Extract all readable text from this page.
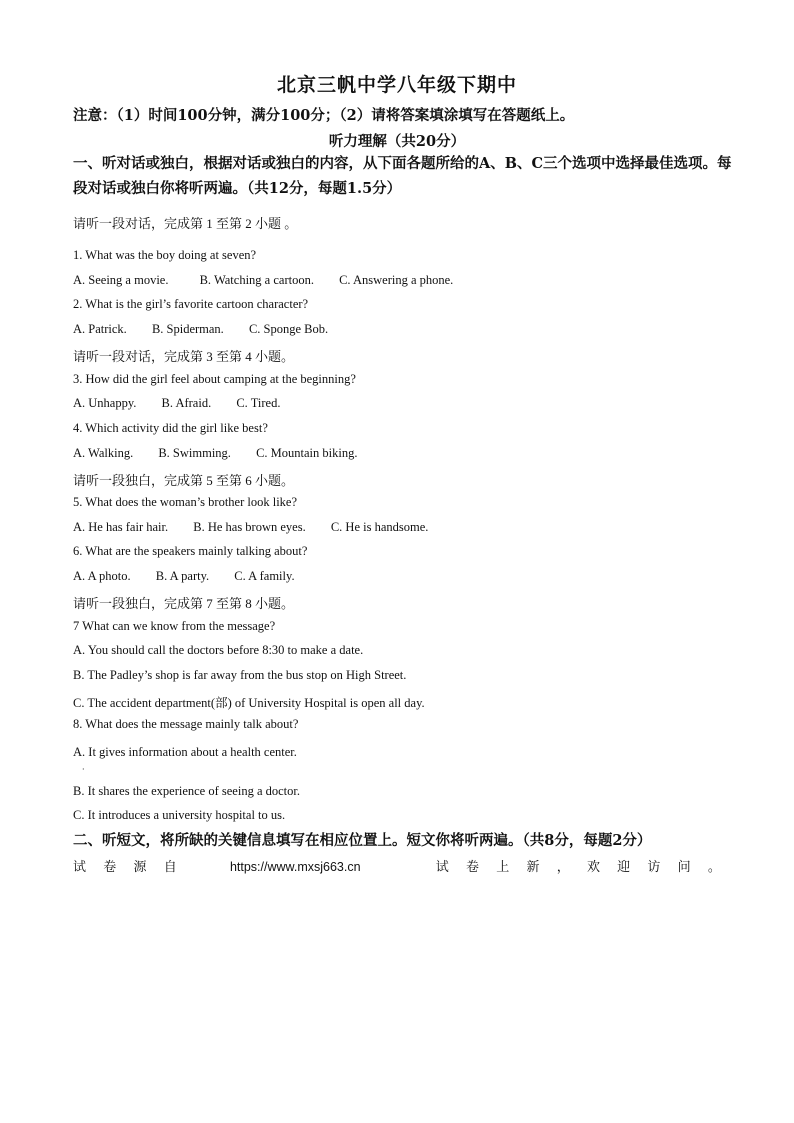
北京三帆中学八年级下期中
注意：（1）时间100分钟，满分100分；（2）请将答案填涂填写在答题纸上。
听力理解（共20分）
一、听对话或独白，根据对话或独白的内容，从下面各题所给的A、B、C三个选项中选择最佳选项。每段对话或独白你将听两遍。（共12分，每题1.5分）
请听一段对话，完成第 1 至第 2 小题 。
1. What was the boy doing at seven?
A. Seeing a movie. B. Watching a cartoon. C. Answering a phone.
2. What is the girl’s favorite cartoon character?
A. Patrick. B. Spiderman. C. Sponge Bob.
请听一段对话，完成第 3 至第 4 小题。
3. How did the girl feel about camping at the beginning?
A. Unhappy. B. Afraid. C. Tired.
4. Which activity did the girl like best?
A. Walking. B. Swimming. C. Mountain biking.
请听一段独白，完成第 5 至第 6 小题。
5. What does the woman’s brother look like?
A. He has fair hair. B. He has brown eyes. C. He is handsome.
6. What are the speakers mainly talking about?
A. A photo. B. A party. C. A family.
请听一段独白，完成第 7 至第 8 小题。
7 What can we know from the message?
A. You should call the doctors before 8:30 to make a date.
B. The Padley’s shop is far away from the bus stop on High Street.
C. The accident department(部) of University Hospital is open all day.
8. What does the message mainly talk about?
A. It gives information about a health center.
·
B. It shares the experience of seeing a doctor.
C. It introduces a university hospital to us.
二、听短文，将所缺的关键信息填写在相应位置上。短文你将听两遍。（共8分，每题2分）
试 卷 源 自	https://www.mxsj663.cn	试 卷 上 新 ， 欢 迎 访 问 。
